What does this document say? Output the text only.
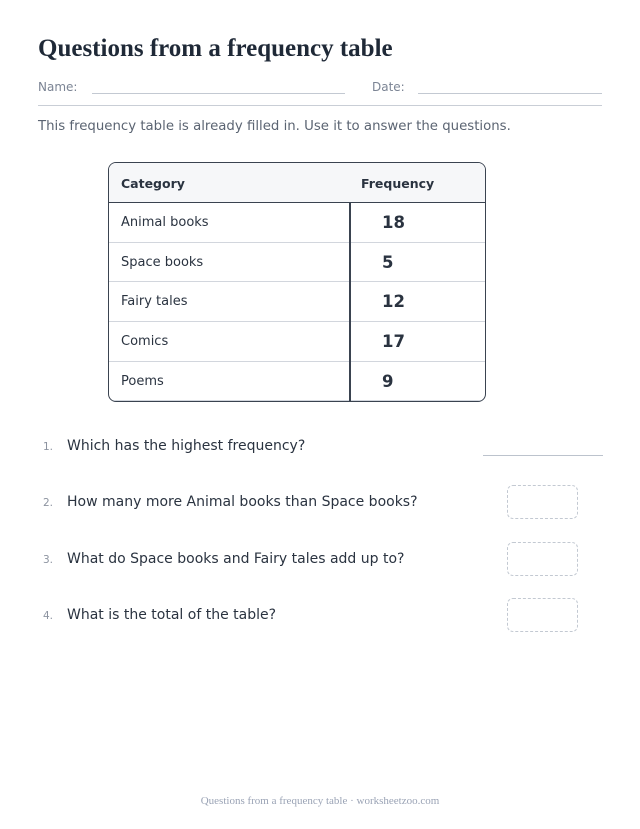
Questions from a frequency table
Name:	Date:
This frequency table is already filled in. Use it to answer the questions.
Category	Frequency
Animal books	18
Space books	5
Fairy tales	12
Comics	17
Poems	9
1. Which has the highest frequency?
2. How many more Animal books than Space books?
3. What do Space books and Fairy tales add up to?
4. What is the total of the table?
Questions from a frequency table · worksheetzoo.com
